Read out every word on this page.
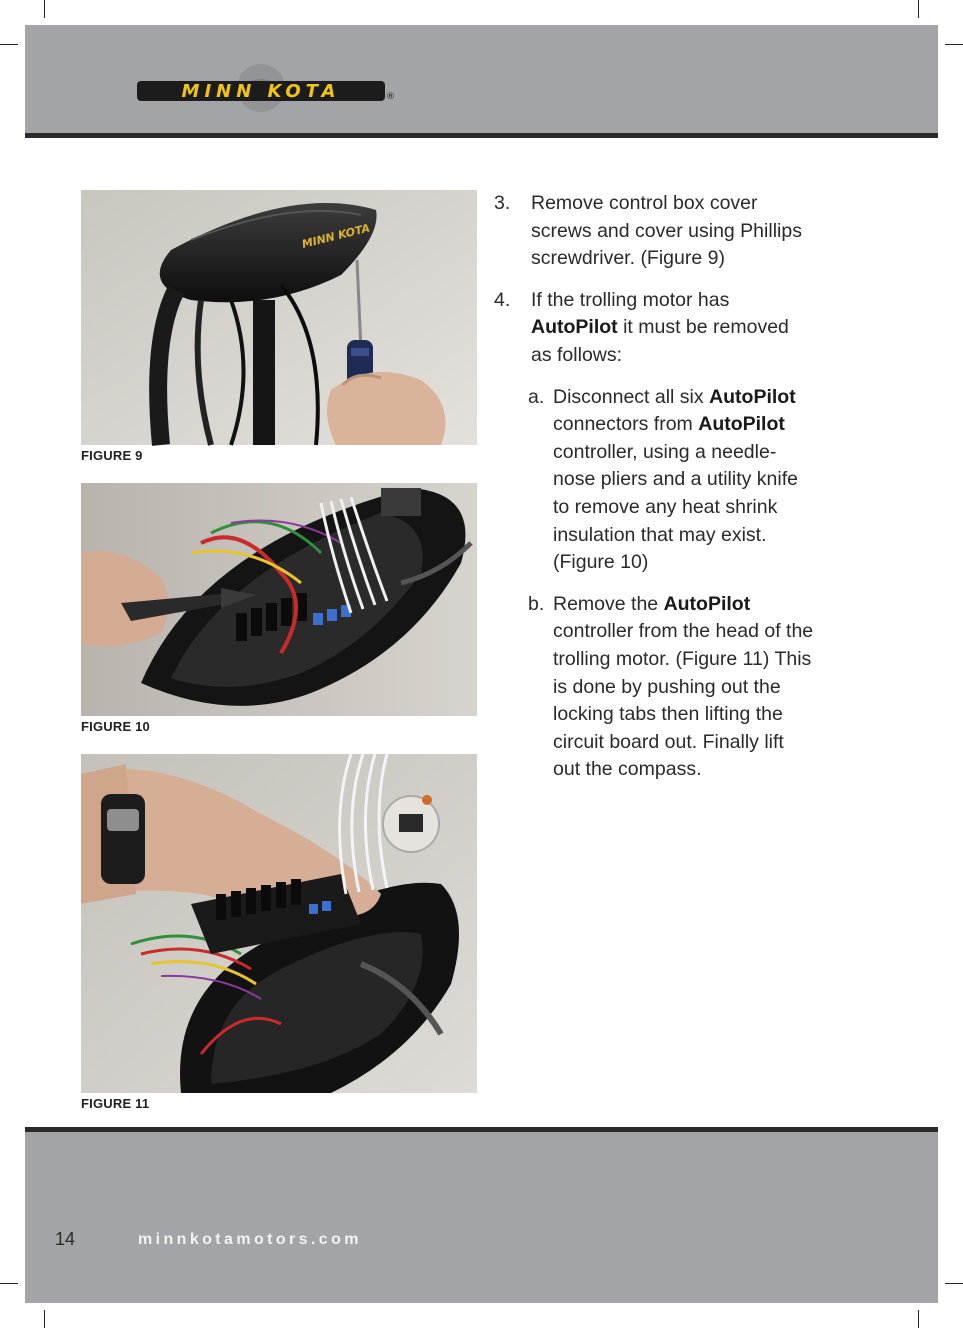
MINN KOTA	®
MINN KOTA
FIGURE 9
FIGURE 10
FIGURE 11
3. Remove control box cover screws and cover using Phillips screwdriver. (Figure 9)
4. If the trolling motor has AutoPilot it must be removed as follows:
a. Disconnect all six AutoPilot connectors from AutoPilot controller, using a needle-nose pliers and a utility knife to remove any heat shrink insulation that may exist. (Figure 10)
b. Remove the AutoPilot controller from the head of the trolling motor. (Figure 11) This is done by pushing out the locking tabs then lifting the circuit board out. Finally lift out the compass.
14	minnkotamotors.com
